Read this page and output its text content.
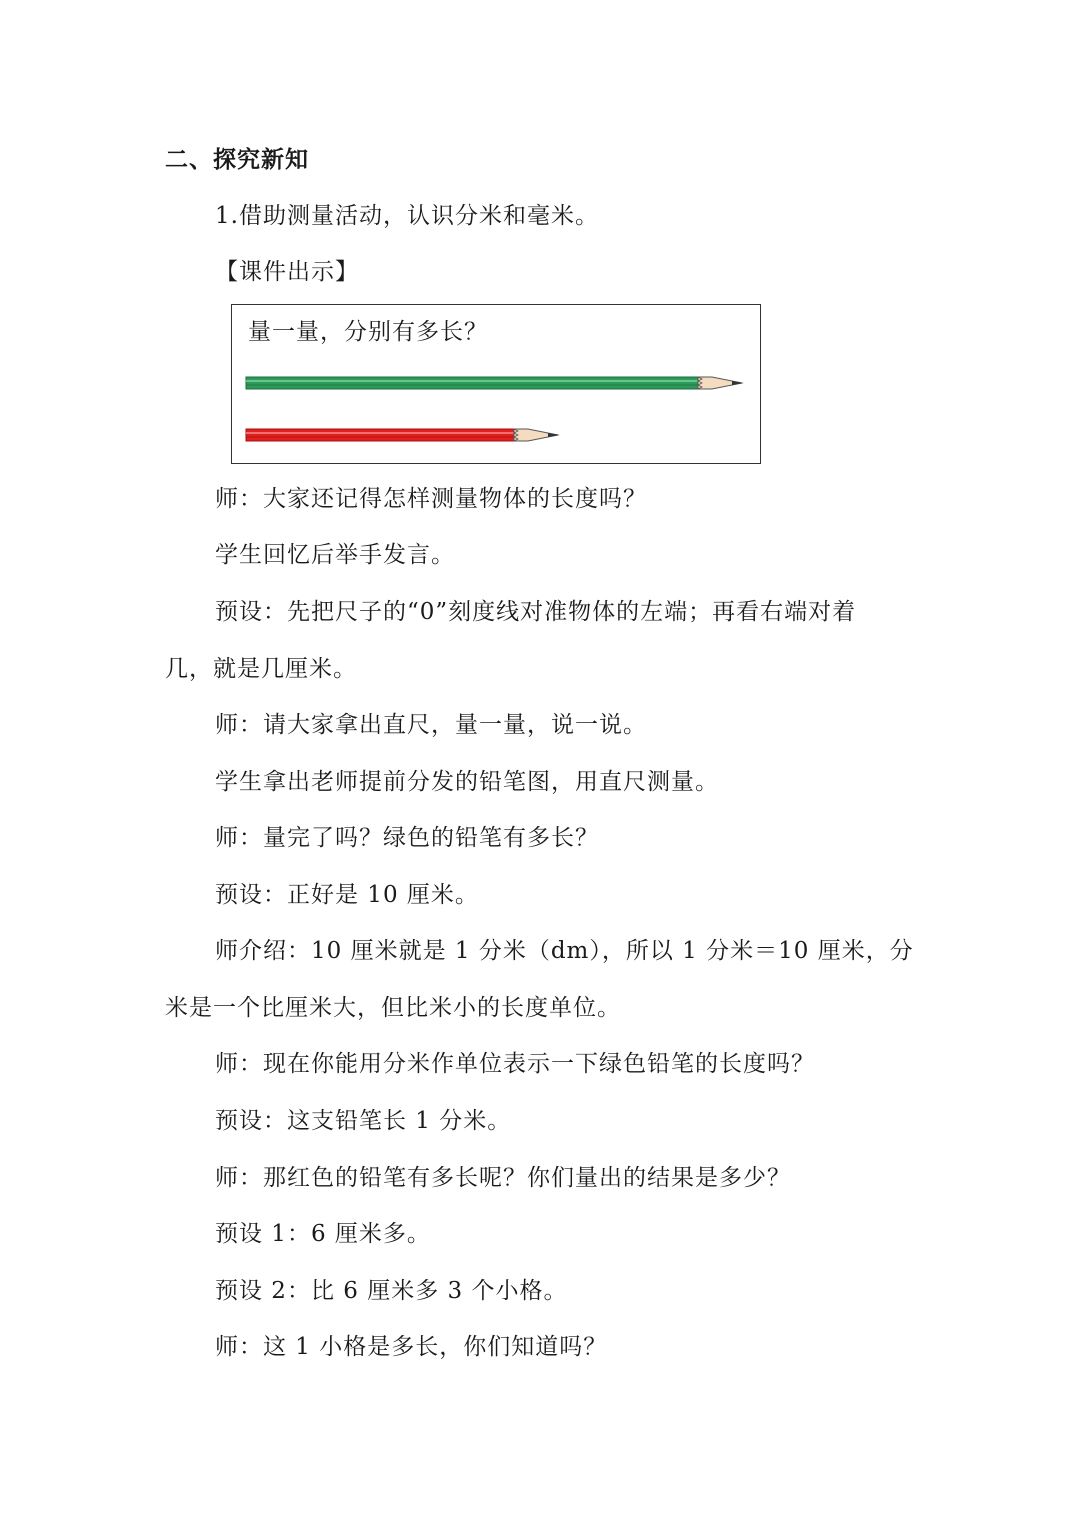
二、探究新知
1.借助测量活动，认识分米和毫米。
【课件出示】
量一量，分别有多长？
师：大家还记得怎样测量物体的长度吗？
学生回忆后举手发言。
预设：先把尺子的“0”刻度线对准物体的左端；再看右端对着
几，就是几厘米。
师：请大家拿出直尺，量一量，说一说。
学生拿出老师提前分发的铅笔图，用直尺测量。
师：量完了吗？绿色的铅笔有多长？
预设：正好是 10 厘米。
师介绍：10 厘米就是 1 分米（dm），所以 1 分米＝10 厘米，分
米是一个比厘米大，但比米小的长度单位。
师：现在你能用分米作单位表示一下绿色铅笔的长度吗？
预设：这支铅笔长 1 分米。
师：那红色的铅笔有多长呢？你们量出的结果是多少？
预设 1：6 厘米多。
预设 2：比 6 厘米多 3 个小格。
师：这 1 小格是多长，你们知道吗？
